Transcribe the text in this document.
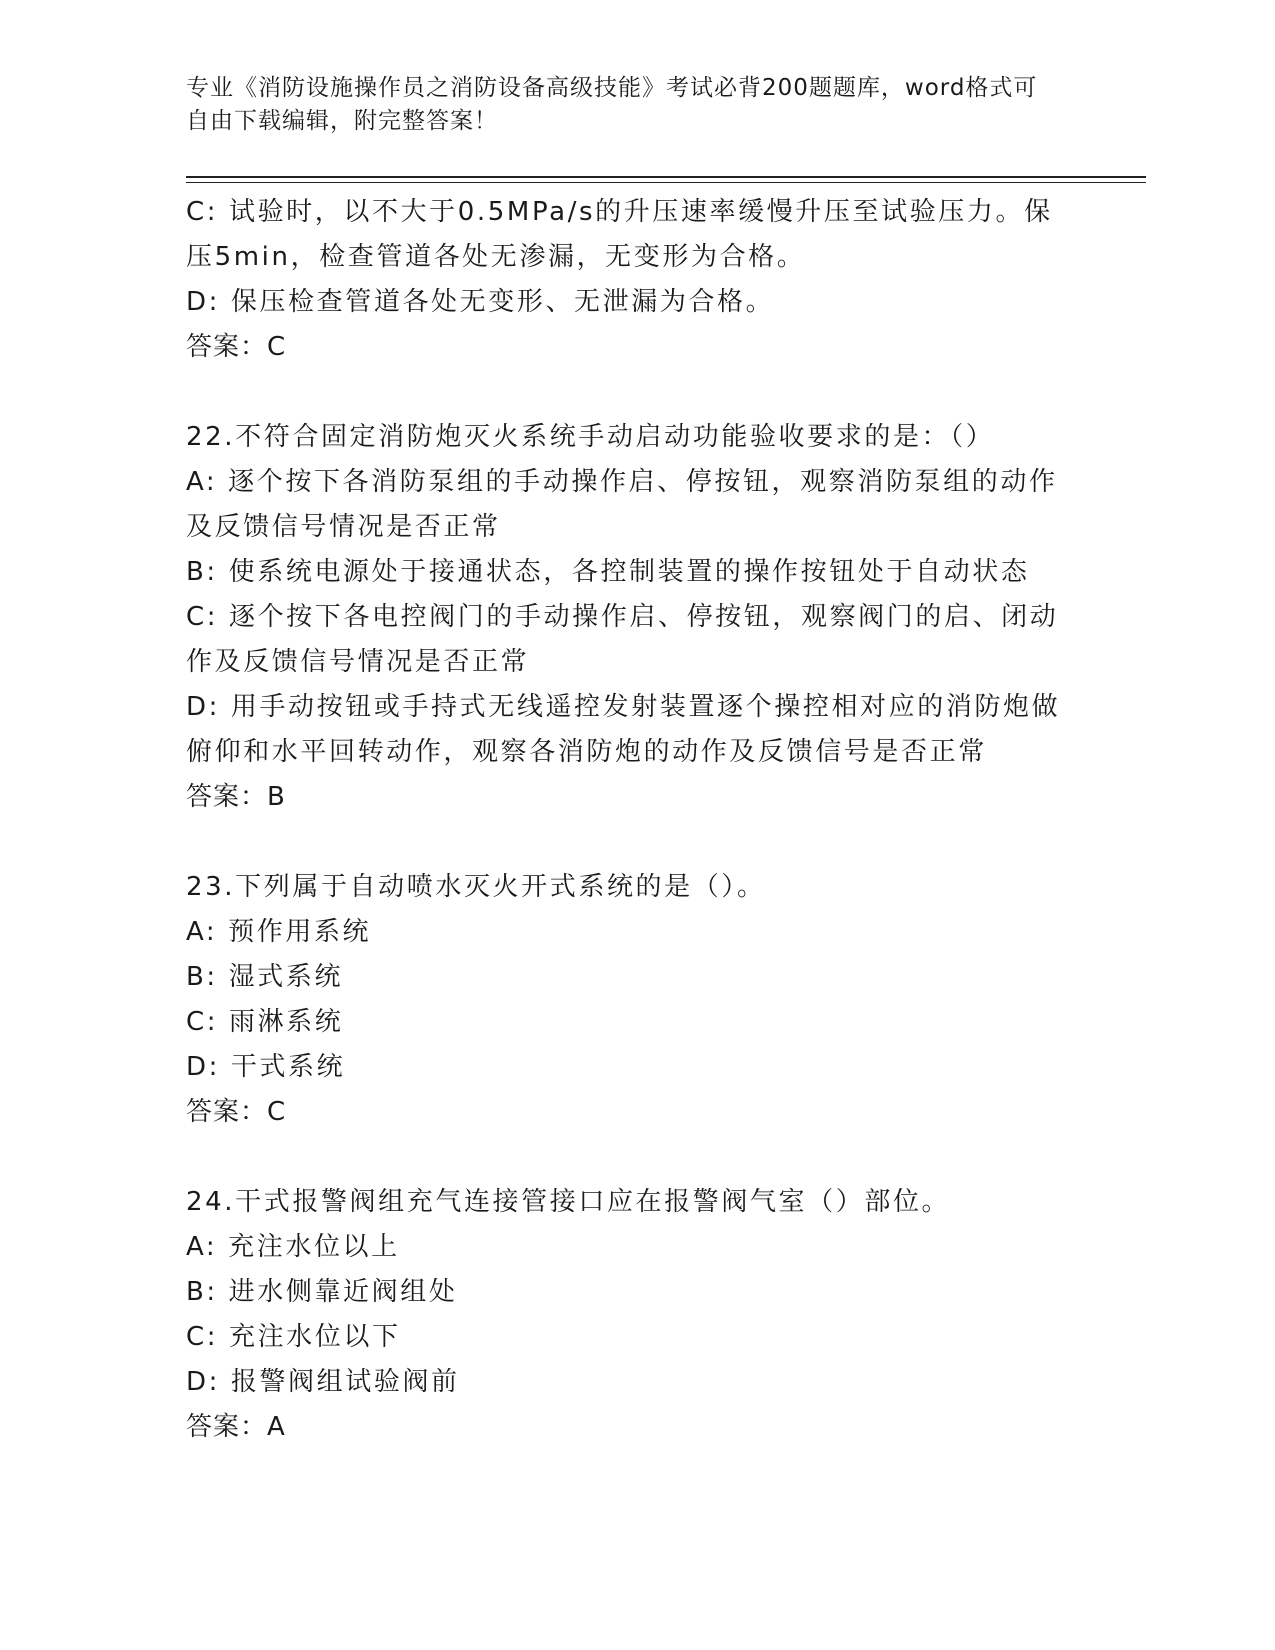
专业《消防设施操作员之消防设备高级技能》考试必背200题题库，word格式可
自由下载编辑，附完整答案！
C: 试验时，以不大于0.5MPa/s的升压速率缓慢升压至试验压力。保
压5min，检查管道各处无渗漏，无变形为合格。
D: 保压检查管道各处无变形、无泄漏为合格。
答案：C
22.不符合固定消防炮灭火系统手动启动功能验收要求的是：（）
A: 逐个按下各消防泵组的手动操作启、停按钮，观察消防泵组的动作
及反馈信号情况是否正常
B: 使系统电源处于接通状态，各控制装置的操作按钮处于自动状态
C: 逐个按下各电控阀门的手动操作启、停按钮，观察阀门的启、闭动
作及反馈信号情况是否正常
D: 用手动按钮或手持式无线遥控发射装置逐个操控相对应的消防炮做
俯仰和水平回转动作，观察各消防炮的动作及反馈信号是否正常
答案：B
23.下列属于自动喷水灭火开式系统的是（）。
A: 预作用系统
B: 湿式系统
C: 雨淋系统
D: 干式系统
答案：C
24.干式报警阀组充气连接管接口应在报警阀气室（）部位。
A: 充注水位以上
B: 进水侧靠近阀组处
C: 充注水位以下
D: 报警阀组试验阀前
答案：A
